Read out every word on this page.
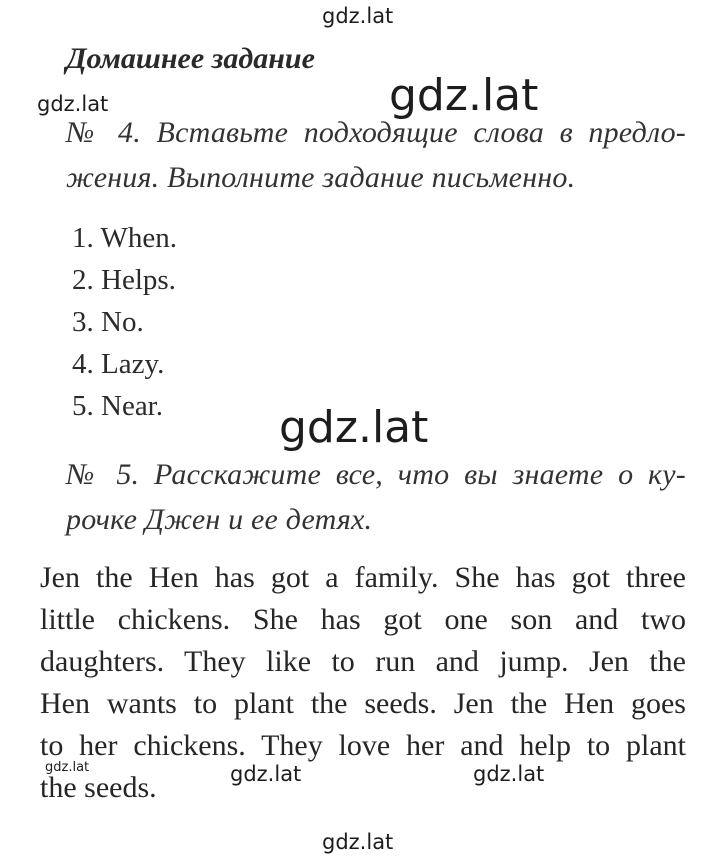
gdz.lat
gdz.lat	gdz.lat
gdz.lat
Домашнее задание
№ 4. Вставьте подходящие слова в предло-
жения. Выполните задание письменно.
1. When.
2. Helps.
3. No.
4. Lazy.
5. Near.
№ 5. Расскажите все, что вы знаете о ку-
рочке Джен и ее детях.
Jen the Hen has got a family. She has got three
little chickens. She has got one son and two
daughters. They like to run and jump. Jen the
Hen wants to plant the seeds. Jen the Hen goes
to her chickens. They love her and help to plant
the seeds.
gdz.lat	gdz.lat	gdz.lat
gdz.lat
